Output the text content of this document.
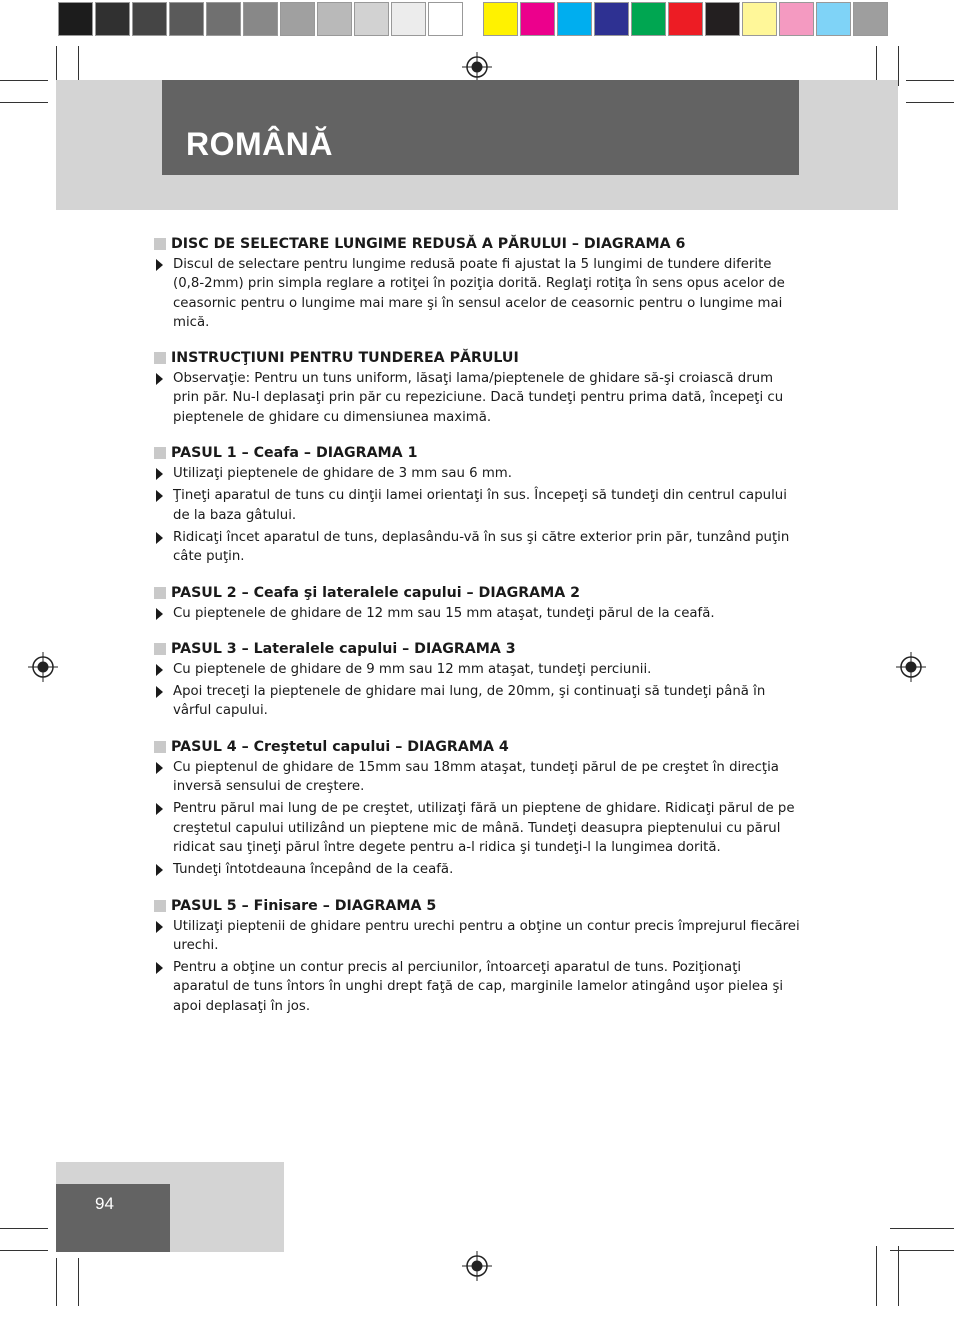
ROMÂNĂ
DISC DE SELECTARE LUNGIME REDUSĂ A PĂRULUI – DIAGRAMA 6
Discul de selectare pentru lungime redusă poate fi ajustat la 5 lungimi de tundere diferite (0,8-2mm) prin simpla reglare a rotiţei în poziţia dorită. Reglaţi rotiţa în sens opus acelor de ceasornic pentru o lungime mai mare şi în sensul acelor de ceasornic pentru o lungime mai mică.
INSTRUCŢIUNI PENTRU TUNDEREA PĂRULUI
Observaţie: Pentru un tuns uniform, lăsaţi lama/pieptenele de ghidare să-şi croiască drum prin păr. Nu-l deplasaţi prin păr cu repeziciune. Dacă tundeţi pentru prima dată, începeţi cu pieptenele de ghidare cu dimensiunea maximă.
PASUL 1 – Ceafa – DIAGRAMA 1
Utilizaţi pieptenele de ghidare de 3 mm sau 6 mm.
Ţineţi aparatul de tuns cu dinţii lamei orientaţi în sus. Începeţi să tundeţi din centrul capului de la baza gâtului.
Ridicaţi încet aparatul de tuns, deplasându-vă în sus şi către exterior prin păr, tunzând puţin câte puţin.
PASUL 2 – Ceafa şi lateralele capului – DIAGRAMA 2
Cu pieptenele de ghidare de 12 mm sau 15 mm ataşat, tundeţi părul de la ceafă.
PASUL 3 – Lateralele capului – DIAGRAMA 3
Cu pieptenele de ghidare de 9 mm sau 12 mm ataşat, tundeţi perciunii.
Apoi treceţi la pieptenele de ghidare mai lung, de 20mm, şi continuaţi să tundeţi până în vârful capului.
PASUL 4 – Creştetul capului – DIAGRAMA 4
Cu pieptenul de ghidare de 15mm sau 18mm ataşat, tundeţi părul de pe creştet în direcţia inversă sensului de creştere.
Pentru părul mai lung de pe creştet, utilizaţi fără un pieptene de ghidare. Ridicaţi părul de pe creştetul capului utilizând un pieptene mic de mână. Tundeţi deasupra pieptenului cu părul ridicat sau ţineţi părul între degete pentru a-l ridica şi tundeţi-l la lungimea dorită.
Tundeţi întotdeauna începând de la ceafă.
PASUL 5 – Finisare – DIAGRAMA 5
Utilizaţi pieptenii de ghidare pentru urechi pentru a obţine un contur precis împrejurul fiecărei urechi.
Pentru a obţine un contur precis al perciunilor, întoarceţi aparatul de tuns. Poziţionaţi aparatul de tuns întors în unghi drept faţă de cap, marginile lamelor atingând uşor pielea şi apoi deplasaţi în jos.
94
